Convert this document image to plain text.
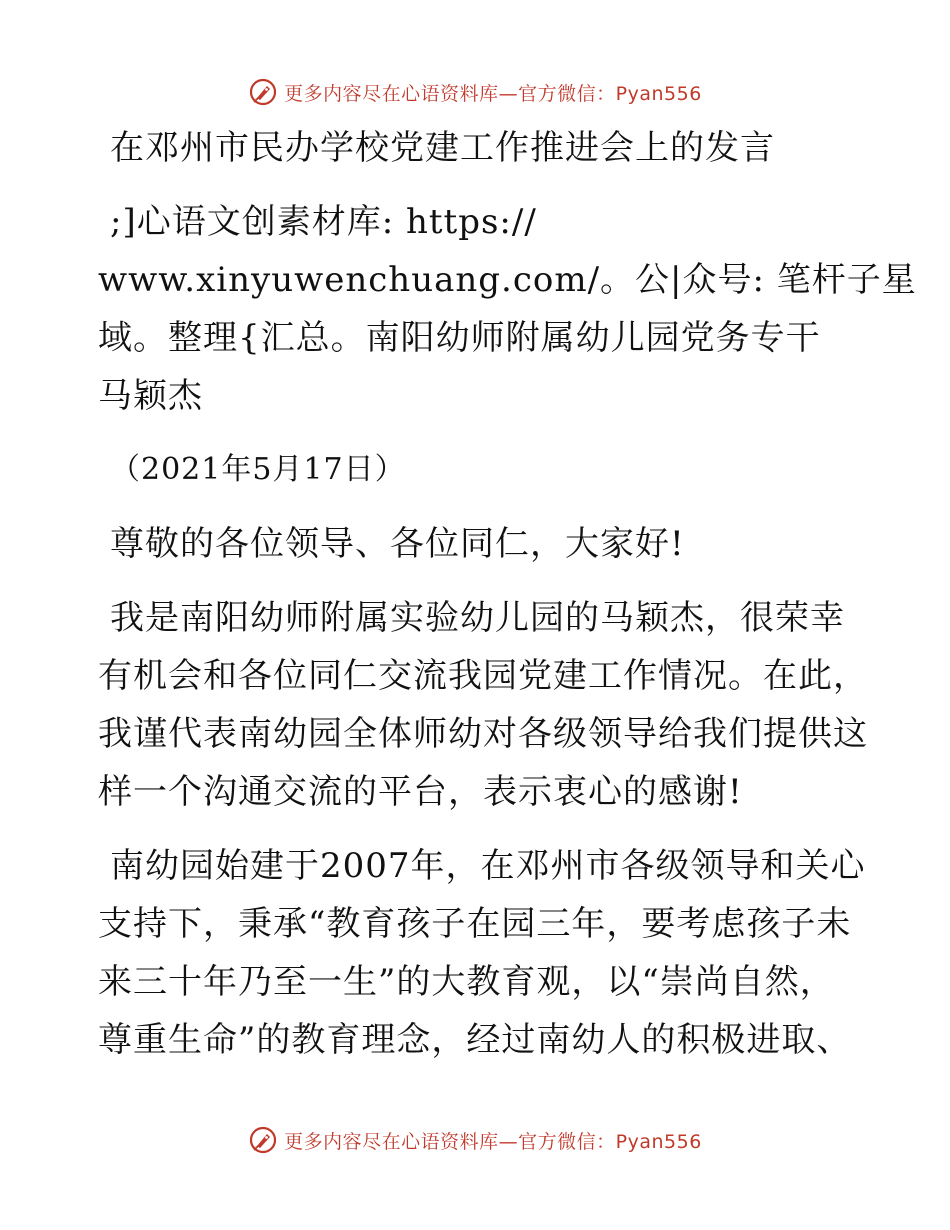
更多内容尽在心语资料库—官方微信：Pyan556
在邓州市民办学校党建工作推进会上的发言
;]心语文创素材库: https://
www.xinyuwenchuang.com/。公|众号: 笔杆子星
域。整理{汇总。南阳幼师附属幼儿园党务专干
马颖杰
（2021年5月17日）
尊敬的各位领导、各位同仁，大家好!
我是南阳幼师附属实验幼儿园的马颖杰，很荣幸
有机会和各位同仁交流我园党建工作情况。在此，
我谨代表南幼园全体师幼对各级领导给我们提供这
样一个沟通交流的平台，表示衷心的感谢!
南幼园始建于2007年，在邓州市各级领导和关心
支持下，秉承“教育孩子在园三年，要考虑孩子未
来三十年乃至一生”的大教育观，以“崇尚自然，
尊重生命”的教育理念，经过南幼人的积极进取、
更多内容尽在心语资料库—官方微信：Pyan556
